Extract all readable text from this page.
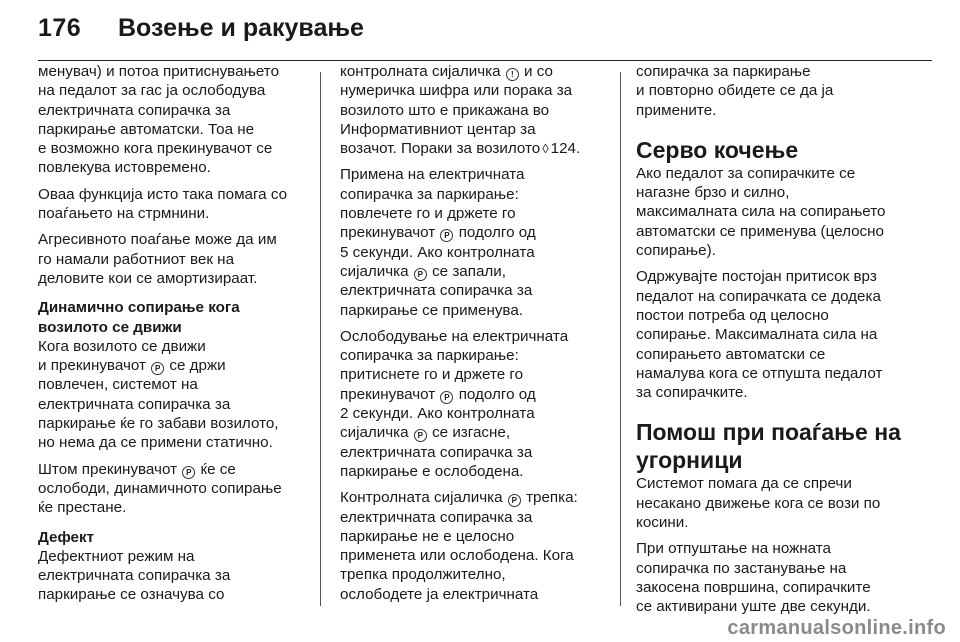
176 Возење и ракување

менувач) и потоа притиснувањето
на педалот за гас ја ослободува
електричната сопирачка за
паркирање автоматски. Тоа не
е возможно кога прекинувачот се
повлекува истовремено.

Оваа функција исто така помага со
поаѓањето на стрмнини.

Агресивното поаѓање може да им
го намали работниот век на
деловите кои се амортизираат.

Динамично сопирање кога
возилото се движи

Кога возилото се движи
и прекинувачот P се држи
повлечен, системот на
електричната сопирачка за
паркирање ќе го забави возилото,
но нема да се примени статично.

Штом прекинувачот P ќе се
ослободи, динамичното сопирање
ќе престане.

Дефект

Дефектниот режим на
електричната сопирачка за
паркирање се означува со

контролната сијаличка ! и со
нумеричка шифра или порака за
возилото што е прикажана во
Информативниот центар за
возачот. Пораки за возилото ◊ 124.

Примена на електричната
сопирачка за паркирање:
повлечете го и држете го
прекинувачот P подолго од
5 секунди. Ако контролната
сијаличка P се запали,
електричната сопирачка за
паркирање се применува.

Ослободување на електричната
сопирачка за паркирање:
притиснете го и држете го
прекинувачот P подолго од
2 секунди. Ако контролната
сијаличка P се изгасне,
електричната сопирачка за
паркирање е ослободена.

Контролната сијаличка P трепка:
електричната сопирачка за
паркирање не е целосно
применета или ослободена. Кога
трепка продолжително,
ослободете ја електричната

сопирачка за паркирање
и повторно обидете се да ја
примените.

Серво кочење

Ако педалот за сопирачките се
нагазне брзо и силно,
максималната сила на сопирањето
автоматски се применува (целосно
сопирање).

Одржувајте постојан притисок врз
педалот на сопирачката се додека
постои потреба од целосно
сопирање. Максималната сила на
сопирањето автоматски се
намалува кога се отпушта педалот
за сопирачките.

Помош при поаѓање на
угорници

Системот помага да се спречи
несакано движење кога се вози по
косини.

При отпуштање на ножната
сопирачка по застанување на
закосена површина, сопирачките
се активирани уште две секунди.

carmanualsonline.info
